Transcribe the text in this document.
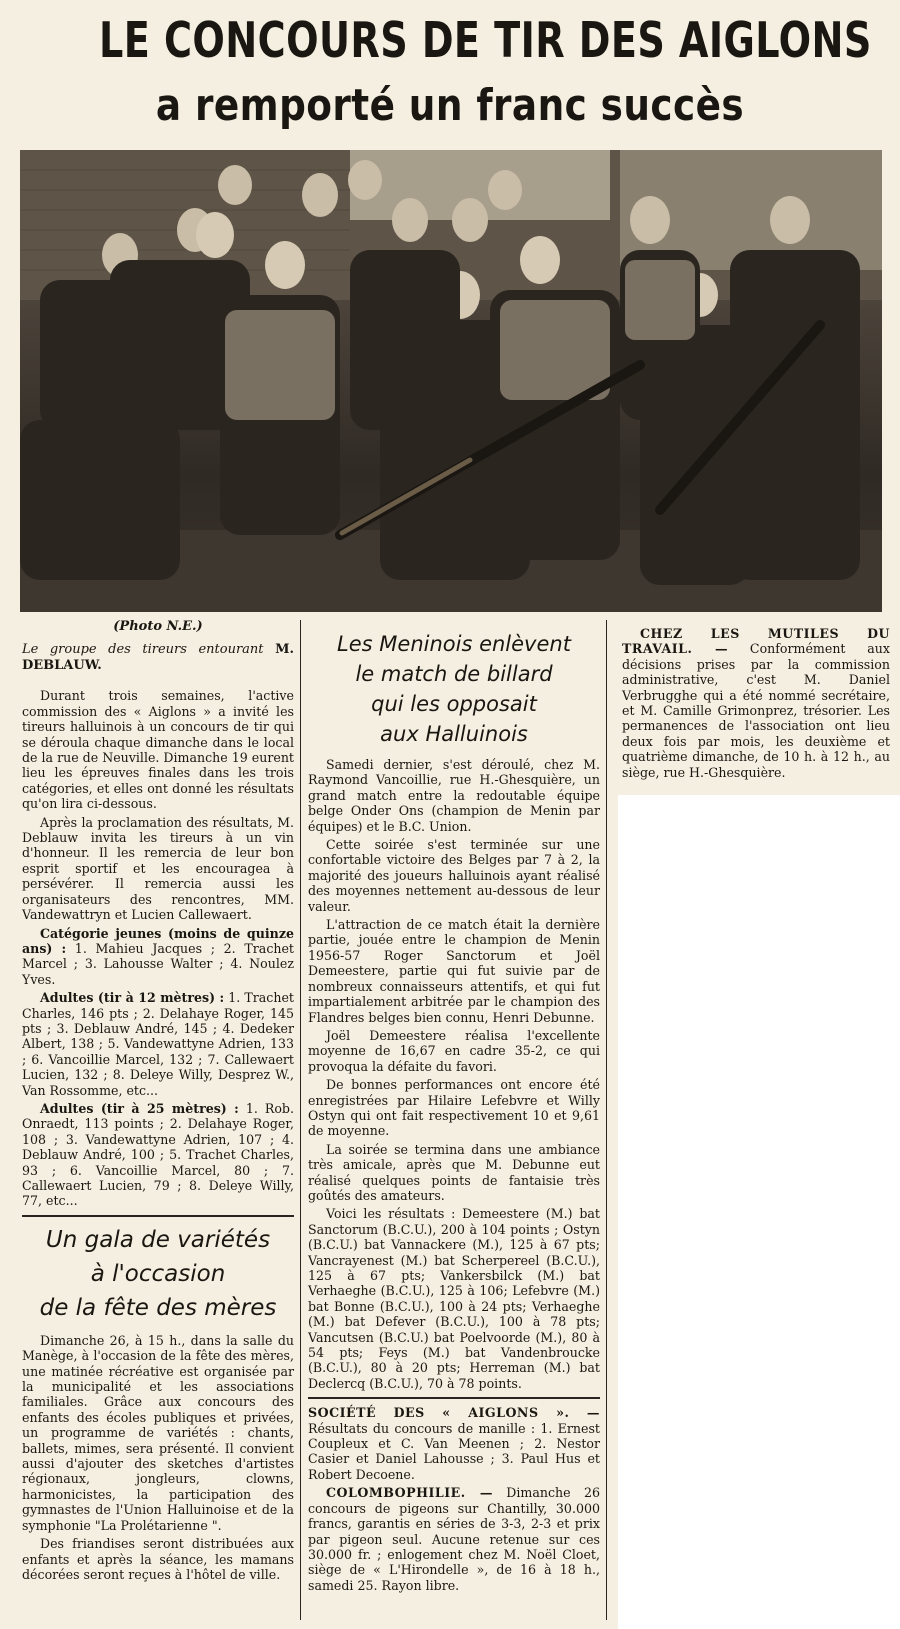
LE CONCOURS DE TIR DES AIGLONS
a remporté un franc succès
(Photo N.E.)
Le groupe des tireurs entourant M. DEBLAUW.

Durant trois semaines, l'active commission des « Aiglons » a invité les tireurs halluinois à un concours de tir qui se déroula chaque dimanche dans le local de la rue de Neuville. Dimanche 19 eurent lieu les épreuves finales dans les trois catégories, et elles ont donné les résultats qu'on lira ci-dessous.

Après la proclamation des résultats, M. Deblauw invita les tireurs à un vin d'honneur. Il les remercia de leur bon esprit sportif et les encouragea à persévérer. Il remercia aussi les organisateurs des rencontres, MM. Vandewattryn et Lucien Callewaert.

Catégorie jeunes (moins de quinze ans) : 1. Mahieu Jacques ; 2. Trachet Marcel ; 3. Lahousse Walter ; 4. Noulez Yves.

Adultes (tir à 12 mètres) : 1. Trachet Charles, 146 pts ; 2. Delahaye Roger, 145 pts ; 3. Deblauw André, 145 ; 4. Dedeker Albert, 138 ; 5. Vandewattyne Adrien, 133 ; 6. Vancoillie Marcel, 132 ; 7. Callewaert Lucien, 132 ; 8. Deleye Willy, Desprez W., Van Rossomme, etc...

Adultes (tir à 25 mètres) : 1. Rob. Onraedt, 113 points ; 2. Delahaye Roger, 108 ; 3. Vandewattyne Adrien, 107 ; 4. Deblauw André, 100 ; 5. Trachet Charles, 93 ; 6. Vancoillie Marcel, 80 ; 7. Callewaert Lucien, 79 ; 8. Deleye Willy, 77, etc...

Un gala de variétés
à l'occasion
de la fête des mères

Dimanche 26, à 15 h., dans la salle du Manège, à l'occasion de la fête des mères, une matinée récréative est organisée par la municipalité et les associations familiales. Grâce aux concours des enfants des écoles publiques et privées, un programme de variétés : chants, ballets, mimes, sera présenté. Il convient aussi d'ajouter des sketches d'artistes régionaux, jongleurs, clowns, harmonicistes, la participation des gymnastes de l'Union Halluinoise et de la symphonie "La Prolétarienne ".

Des friandises seront distribuées aux enfants et après la séance, les mamans décorées seront reçues à l'hôtel de ville.

Les Meninois enlèvent
le match de billard
qui les opposait
aux Halluinois

Samedi dernier, s'est déroulé, chez M. Raymond Vancoillie, rue H.-Ghesquière, un grand match entre la redoutable équipe belge Onder Ons (champion de Menin par équipes) et le B.C. Union.

Cette soirée s'est terminée sur une confortable victoire des Belges par 7 à 2, la majorité des joueurs halluinois ayant réalisé des moyennes nettement au-dessous de leur valeur.

L'attraction de ce match était la dernière partie, jouée entre le champion de Menin 1956-57 Roger Sanctorum et Joël Demeestere, partie qui fut suivie par de nombreux connaisseurs attentifs, et qui fut impartialement arbitrée par le champion des Flandres belges bien connu, Henri Debunne.

Joël Demeestere réalisa l'excellente moyenne de 16,67 en cadre 35-2, ce qui provoqua la défaite du favori.

De bonnes performances ont encore été enregistrées par Hilaire Lefebvre et Willy Ostyn qui ont fait respectivement 10 et 9,61 de moyenne.

La soirée se termina dans une ambiance très amicale, après que M. Debunne eut réalisé quelques points de fantaisie très goûtés des amateurs.

Voici les résultats : Demeestere (M.) bat Sanctorum (B.C.U.), 200 à 104 points ; Ostyn (B.C.U.) bat Vannackere (M.), 125 à 67 pts; Vancrayenest (M.) bat Scherpereel (B.C.U.), 125 à 67 pts; Vankersbilck (M.) bat Verhaeghe (B.C.U.), 125 à 106; Lefebvre (M.) bat Bonne (B.C.U.), 100 à 24 pts; Verhaeghe (M.) bat Defever (B.C.U.), 100 à 78 pts; Vancutsen (B.C.U.) bat Poelvoorde (M.), 80 à 54 pts; Feys (M.) bat Vandenbroucke (B.C.U.), 80 à 20 pts; Herreman (M.) bat Declercq (B.C.U.), 70 à 78 points.

SOCIÉTÉ DES « AIGLONS ». — Résultats du concours de manille : 1. Ernest Coupleux et C. Van Meenen ; 2. Nestor Casier et Daniel Lahousse ; 3. Paul Hus et Robert Decoene.

COLOMBOPHILIE. — Dimanche 26 concours de pigeons sur Chantilly, 30.000 francs, garantis en séries de 3-3, 2-3 et prix par pigeon seul. Aucune retenue sur ces 30.000 fr. ; enlogement chez M. Noël Cloet, siège de « L'Hirondelle », de 16 à 18 h., samedi 25. Rayon libre.

CHEZ LES MUTILES DU TRAVAIL. — Conformément aux décisions prises par la commission administrative, c'est M. Daniel Verbrugghe qui a été nommé secrétaire, et M. Camille Grimonprez, trésorier. Les permanences de l'association ont lieu deux fois par mois, les deuxième et quatrième dimanche, de 10 h. à 12 h., au siège, rue H.-Ghesquière.
